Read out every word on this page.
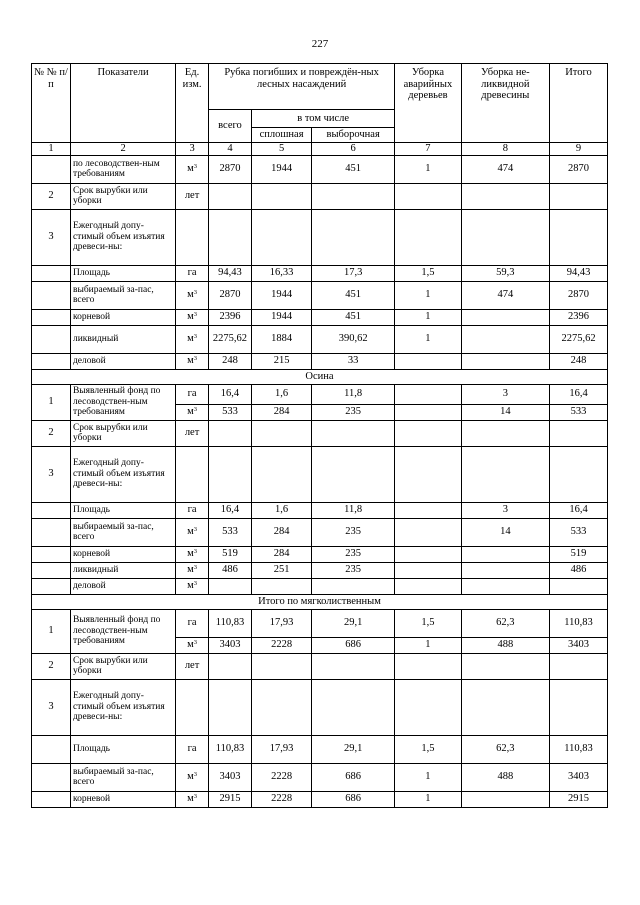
227
№ № п/п	Показатели	Ед. изм.	Рубка погибших и повреждён-ных лесных насаждений			Уборка аварийных деревьев	Уборка не-ликвидной древесины	Итого
			всего	в том числе				
				сплошная	выборочная			
1	2	3	4	5	6	7	8	9
	по лесоводствен-ным требованиям	$м^3$	2870	1944	451	1	474	2870
2	Срок вырубки или уборки	лет						
3	Ежегодный допу-стимый объем изъятия древеси-ны:							
	Площадь	га	94,43	16,33	17,3	1,5	59,3	94,43
	выбираемый за-пас, всего	$м^3$	2870	1944	451	1	474	2870
	корневой	$м^3$	2396	1944	451	1		2396
	ликвидный	$м^3$	2275,62	1884	390,62	1		2275,62
	деловой	$м^3$	248	215	33			248
Осина								
1	Выявленный фонд по лесоводствен-ным требованиям	га	16,4	1,6	11,8		3	16,4
		$м^3$	533	284	235		14	533
2	Срок вырубки или уборки	лет						
3	Ежегодный допу-стимый объем изъятия древеси-ны:							
	Площадь	га	16,4	1,6	11,8		3	16,4
	выбираемый за-пас, всего	$м^3$	533	284	235		14	533
	корневой	$м^3$	519	284	235			519
	ликвидный	$м^3$	486	251	235			486
	деловой	$м^3$						
Итого по мягколиственным								
1	Выявленный фонд по лесоводствен-ным требованиям	га	110,83	17,93	29,1	1,5	62,3	110,83
		$м^3$	3403	2228	686	1	488	3403
2	Срок вырубки или уборки	лет						
3	Ежегодный допу-стимый объем изъятия древеси-ны:							
	Площадь	га	110,83	17,93	29,1	1,5	62,3	110,83
	выбираемый за-пас, всего	$м^3$	3403	2228	686	1	488	3403
	корневой	$м^3$	2915	2228	686	1		2915
